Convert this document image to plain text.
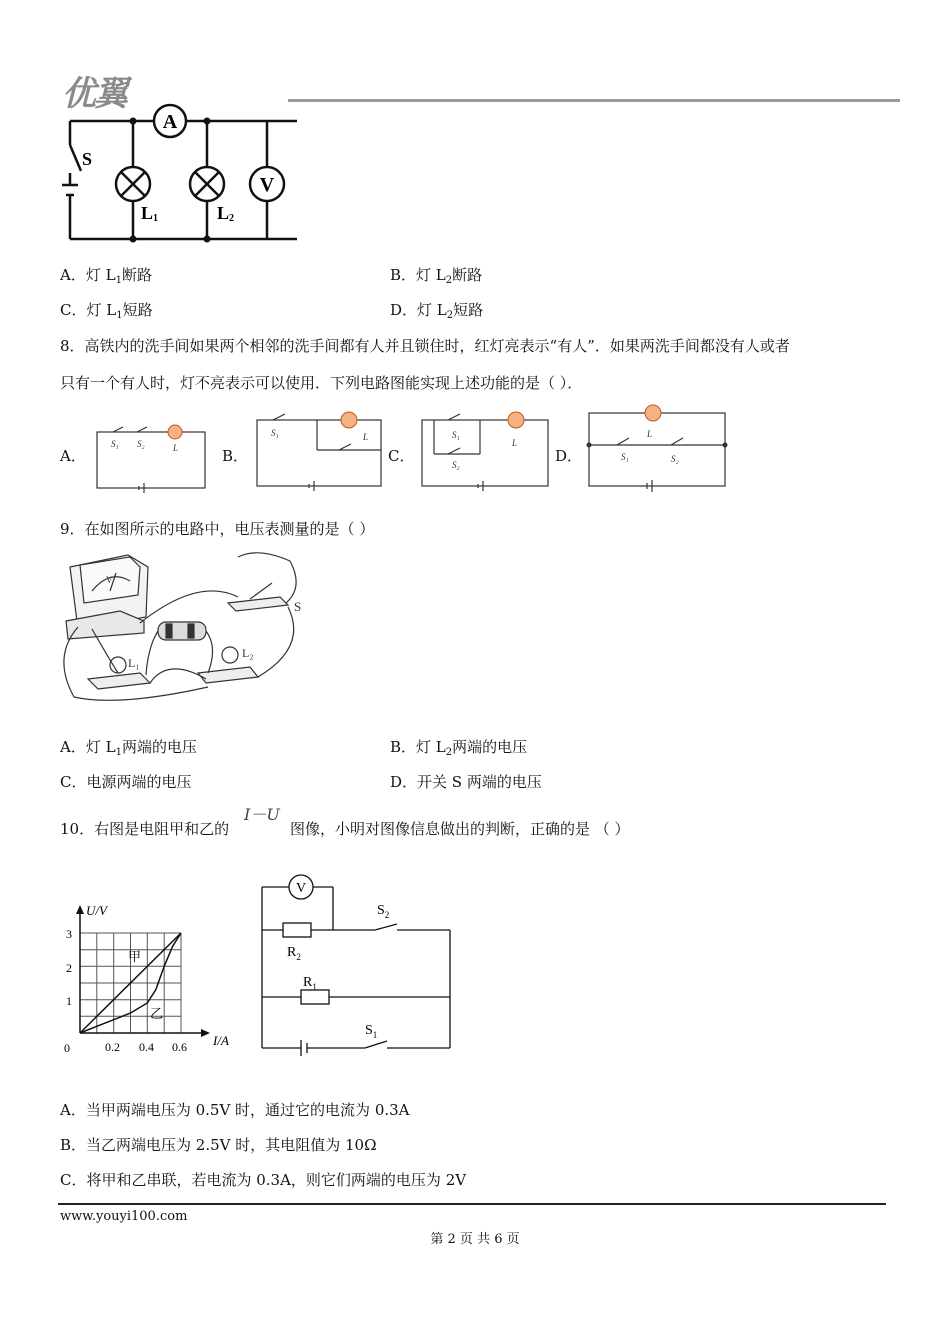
优翼
A
V
S
L1	L2
A．灯 $L_1$断路	B．灯 $L_2$断路
C．灯 $L_1$短路	D．灯 $L_2$短路
8．高铁内的洗手间如果两个相邻的洗手间都有人并且锁住时，红灯亮表示“有人”．如果两洗手间都没有人或者
只有一个有人时，灯不亮表示可以使用．下列电路图能实现上述功能的是（ ）．
A．
S₁ S₂	L	B．
S₁	L
C．
S₁
S₂
L
D．
L
S₁	S₂
9．在如图所示的电路中，电压表测量的是（ ）
V
S
L₁
L₂
A．灯 $L_1$两端的电压	B．灯 $L_2$两端的电压
C．电源两端的电压	D．开关 S 两端的电压
10．右图是电阻甲和乙的
I－U
图像，小明对图像信息做出的判断，正确的是 （ ）
U/V
I/A
0
1
2
3
0.2 0.4 0.6
甲
乙
V
$R_2$
$R_1$
$S_2$
$S_1$
A．当甲两端电压为 0.5V 时，通过它的电流为 0.3A
B．当乙两端电压为 2.5V 时，其电阻值为 10Ω
C．将甲和乙串联，若电流为 0.3A，则它们两端的电压为 2V
www.youyi100.com
第 2 页 共 6 页
